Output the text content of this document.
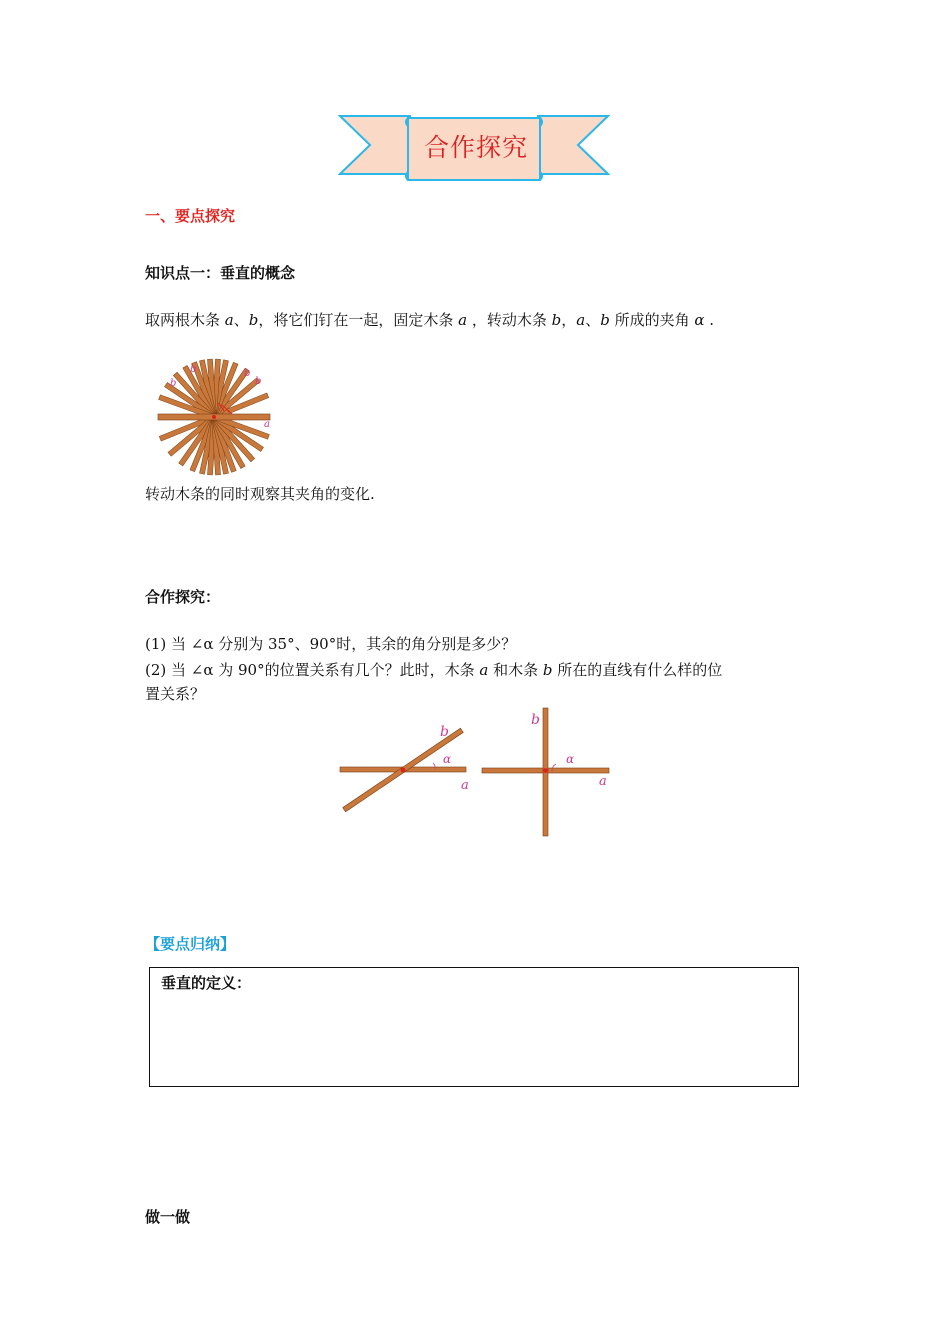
合作探究
一、要点探究
知识点一：垂直的概念
取两根木条 a、b，将它们钉在一起，固定木条 a ，转动木条 b，a、b 所成的夹角 α .
b
b	b
b
a
转动木条的同时观察其夹角的变化.
合作探究：
(1) 当 ∠α 分别为 35°、90°时，其余的角分别是多少？
(2) 当 ∠α 为 90°的位置关系有几个？此时，木条 a 和木条 b 所在的直线有什么样的位
置关系？
b
α
a
b
α
a
【要点归纳】
垂直的定义：
做一做
